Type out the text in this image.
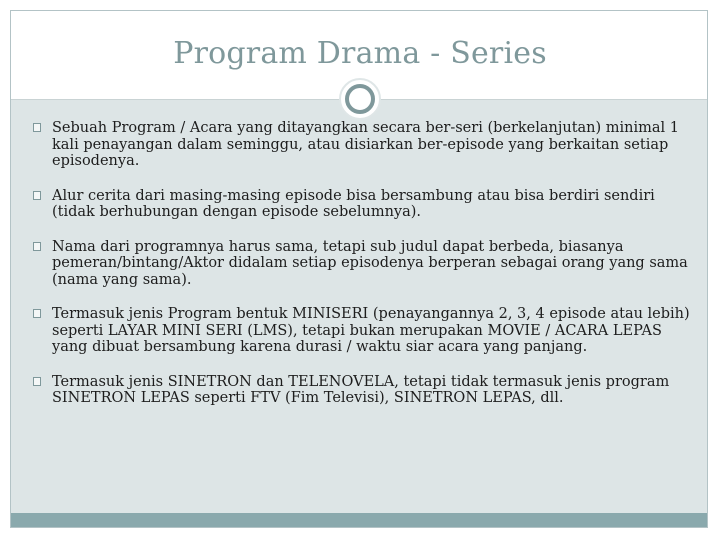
Program Drama - Series
Sebuah Program / Acara yang ditayangkan secara ber-seri (berkelanjutan) minimal 1 kali penayangan dalam seminggu, atau disiarkan ber-episode yang berkaitan setiap episodenya.
Alur cerita dari masing-masing episode bisa bersambung atau bisa berdiri sendiri (tidak berhubungan dengan episode sebelumnya).
Nama dari programnya harus sama, tetapi sub judul dapat berbeda, biasanya pemeran/bintang/Aktor didalam setiap episodenya berperan sebagai orang yang sama (nama yang sama).
Termasuk jenis Program bentuk MINISERI (penayangannya 2, 3, 4 episode atau lebih) seperti LAYAR MINI SERI (LMS), tetapi bukan merupakan MOVIE / ACARA LEPAS yang dibuat bersambung karena durasi / waktu siar acara yang panjang.
Termasuk jenis SINETRON dan TELENOVELA, tetapi tidak termasuk jenis program SINETRON LEPAS seperti FTV (Fim Televisi), SINETRON LEPAS, dll.
